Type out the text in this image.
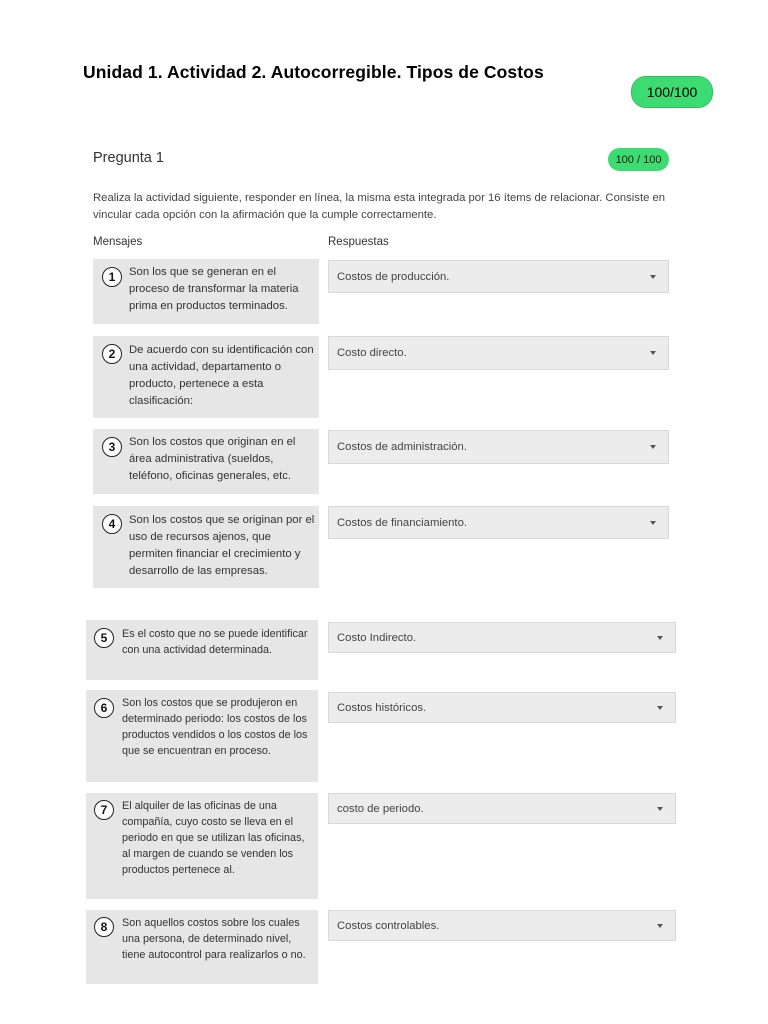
Unidad 1. Actividad 2. Autocorregible. Tipos de Costos
100/100
Pregunta 1	100 / 100
Realiza la actividad siguiente, responder en línea, la misma esta integrada por 16 ítems de relacionar. Consiste en vincular cada opción con la afirmación que la cumple correctamente.
Mensajes	Respuestas
1	Son los que se generan en el proceso de transformar la materia prima en productos terminados.
Costos de producción.
2	De acuerdo con su identificación con una actividad, departamento o producto, pertenece a esta clasificación:
Costo directo.
3	Son los costos que originan en el área administrativa (sueldos, teléfono, oficinas generales, etc.
Costos de administración.
4	Son los costos que se originan por el uso de recursos ajenos, que permiten financiar el crecimiento y desarrollo de las empresas.
Costos de financiamiento.
5	Es el costo que no se puede identificar con una actividad determinada.
Costo Indirecto.
6	Son los costos que se produjeron en determinado periodo: los costos de los productos vendidos o los costos de los que se encuentran en proceso.
Costos históricos.
7	El alquiler de las oficinas de una compañía, cuyo costo se lleva en el periodo en que se utilizan las oficinas, al margen de cuando se venden los productos pertenece al.
costo de periodo.
8	Son aquellos costos sobre los cuales una persona, de determinado nivel, tiene autocontrol para realizarlos o no.
Costos controlables.
